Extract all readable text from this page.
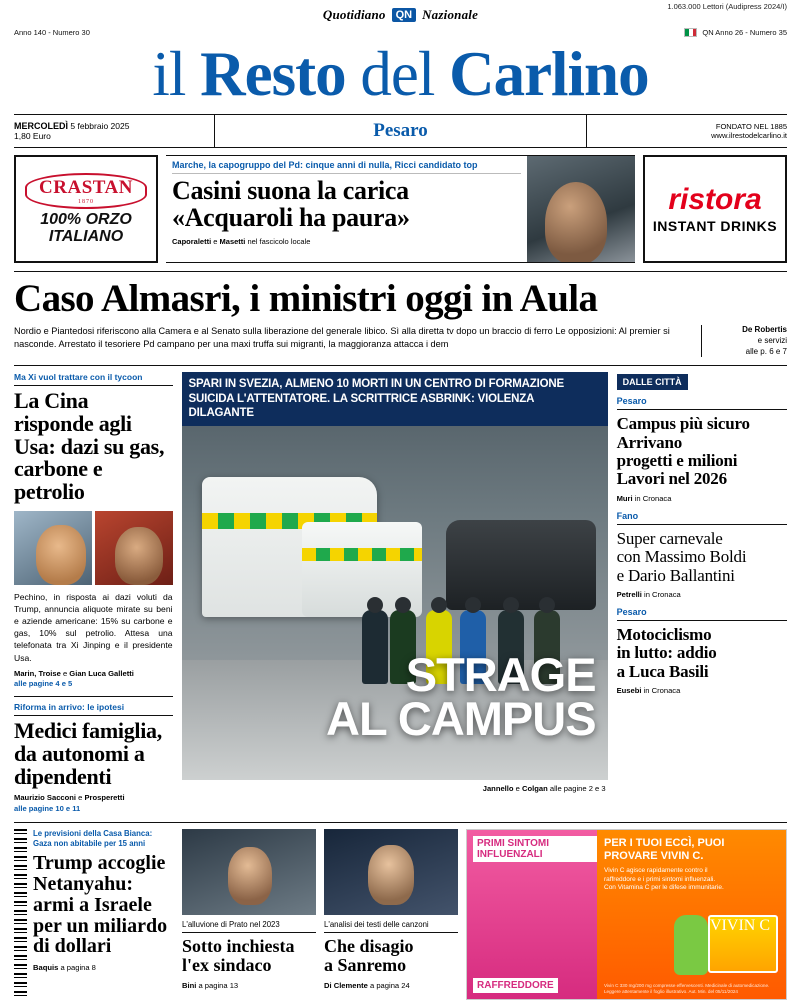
Quotidiano QN Nazionale
1.063.000 Lettori (Audipress 2024/I)
Anno 140 - Numero 30	QN Anno 26 - Numero 35
il Resto del Carlino
MERCOLEDÌ 5 febbraio 2025
1,80 Euro	Pesaro	FONDATO NEL 1885
www.ilrestodelcarlino.it
CRASTAN
1870
100% ORZO
ITALIANO
Marche, la capogruppo del Pd: cinque anni di nulla, Ricci candidato top
Casini suona la carica
«Acquaroli ha paura»
Caporaletti e Masetti nel fascicolo locale
ristora
INSTANT DRINKS
Caso Almasri, i ministri oggi in Aula
Nordio e Piantedosi riferiscono alla Camera e al Senato sulla liberazione del generale libico. Sì alla diretta tv dopo un braccio di ferro Le opposizioni: Al premier si nasconde. Arrestato il tesoriere Pd campano per una maxi truffa sui migranti, la maggioranza attacca i dem
De Robertis
e servizi
alle p. 6 e 7
Ma Xi vuol trattare con il tycoon
La Cina risponde agli Usa: dazi su gas, carbone e petrolio
Pechino, in risposta ai dazi voluti da Trump, annuncia aliquote mirate su beni e aziende americane: 15% su carbone e gas, 10% sul petrolio. Attesa una telefonata tra Xi Jinping e il presidente Usa.
Marin, Troise e Gian Luca Galletti
alle pagine 4 e 5
Riforma in arrivo: le ipotesi
Medici famiglia, da autonomi a dipendenti
Maurizio Sacconi e Prosperetti
alle pagine 10 e 11
SPARI IN SVEZIA, ALMENO 10 MORTI IN UN CENTRO DI FORMAZIONE
SUICIDA L'ATTENTATORE. LA SCRITTRICE ASBRINK: VIOLENZA DILAGANTE
STRAGE
AL CAMPUS
Jannello e Colgan alle pagine 2 e 3
DALLE CITTÀ
Pesaro
Campus più sicuro
Arrivano
progetti e milioni
Lavori nel 2026
Muri in Cronaca
Fano
Super carnevale
con Massimo Boldi
e Dario Ballantini
Petrelli in Cronaca
Pesaro
Motociclismo
in lutto: addio
a Luca Basili
Eusebi in Cronaca
Le previsioni della Casa Bianca:
Gaza non abitabile per 15 anni
Trump accoglie Netanyahu: armi a Israele per un miliardo di dollari
Baquis a pagina 8
L'alluvione di Prato nel 2023
Sotto inchiesta
l'ex sindaco
Bini a pagina 13
L'analisi dei testi delle canzoni
Che disagio
a Sanremo
Di Clemente a pagina 24
PRIMI SINTOMI INFLUENZALI
RAFFREDDORE
PER I TUOI ECCÌ, PUOI PROVARE VIVIN C.
Vivin C agisce rapidamente contro il raffreddore e i primi sintomi influenzali. Con Vitamina C per le difese immunitarie.
VIVIN C
Vivin C 330 mg/200 mg compresse effervescenti. Medicinale di automedicazione. Leggere attentamente il foglio illustrativo. Aut. Min. del 05/11/2024
